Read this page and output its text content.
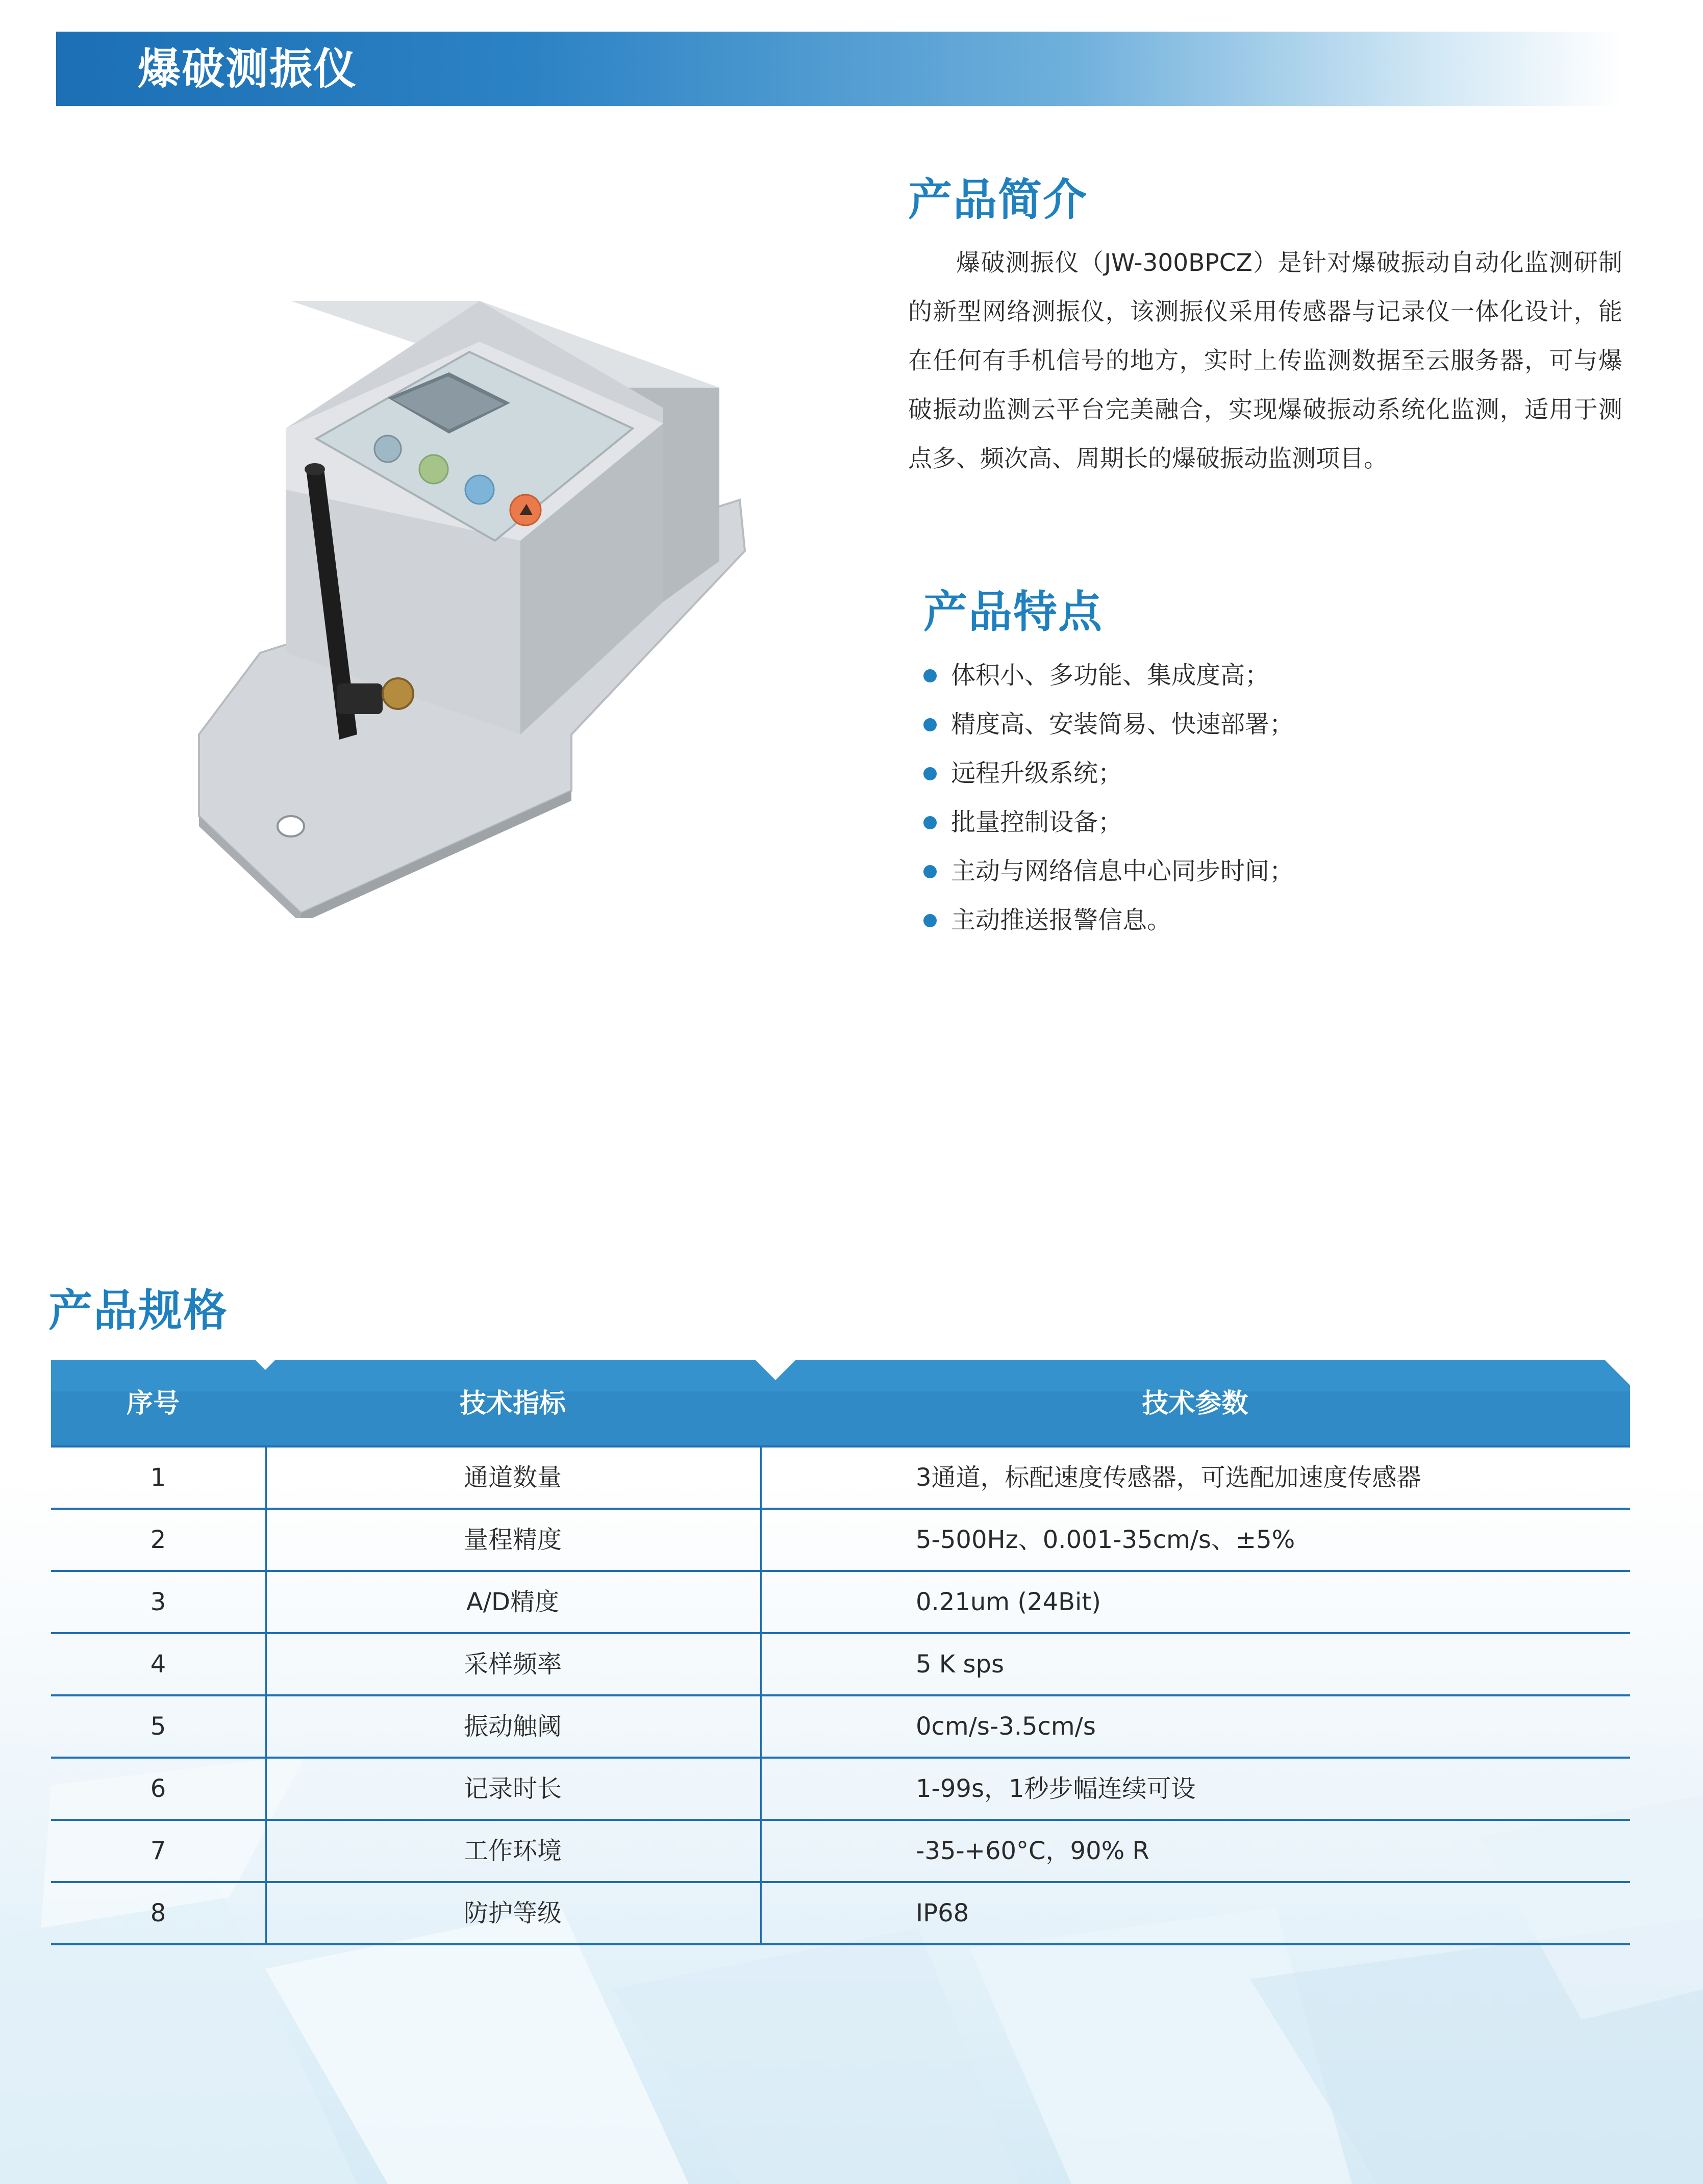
爆破测振仪
产品简介
爆破测振仪（JW-300BPCZ）是针对爆破振动自动化监测研制的新型网络测振仪，该测振仪采用传感器与记录仪一体化设计，能在任何有手机信号的地方，实时上传监测数据至云服务器，可与爆破振动监测云平台完美融合，实现爆破振动系统化监测，适用于测点多、频次高、周期长的爆破振动监测项目。
产品特点
体积小、多功能、集成度高；
精度高、安装简易、快速部署；
远程升级系统；
批量控制设备；
主动与网络信息中心同步时间；
主动推送报警信息。
产品规格
序号	技术指标	技术参数
1	通道数量	3通道，标配速度传感器，可选配加速度传感器
2	量程精度	5-500Hz、0.001-35cm/s、±5%
3	A/D精度	0.21um (24Bit)
4	采样频率	5 K sps
5	振动触阈	0cm/s-3.5cm/s
6	记录时长	1-99s，1秒步幅连续可设
7	工作环境	-35-+60°C，90% R
8	防护等级	IP68
